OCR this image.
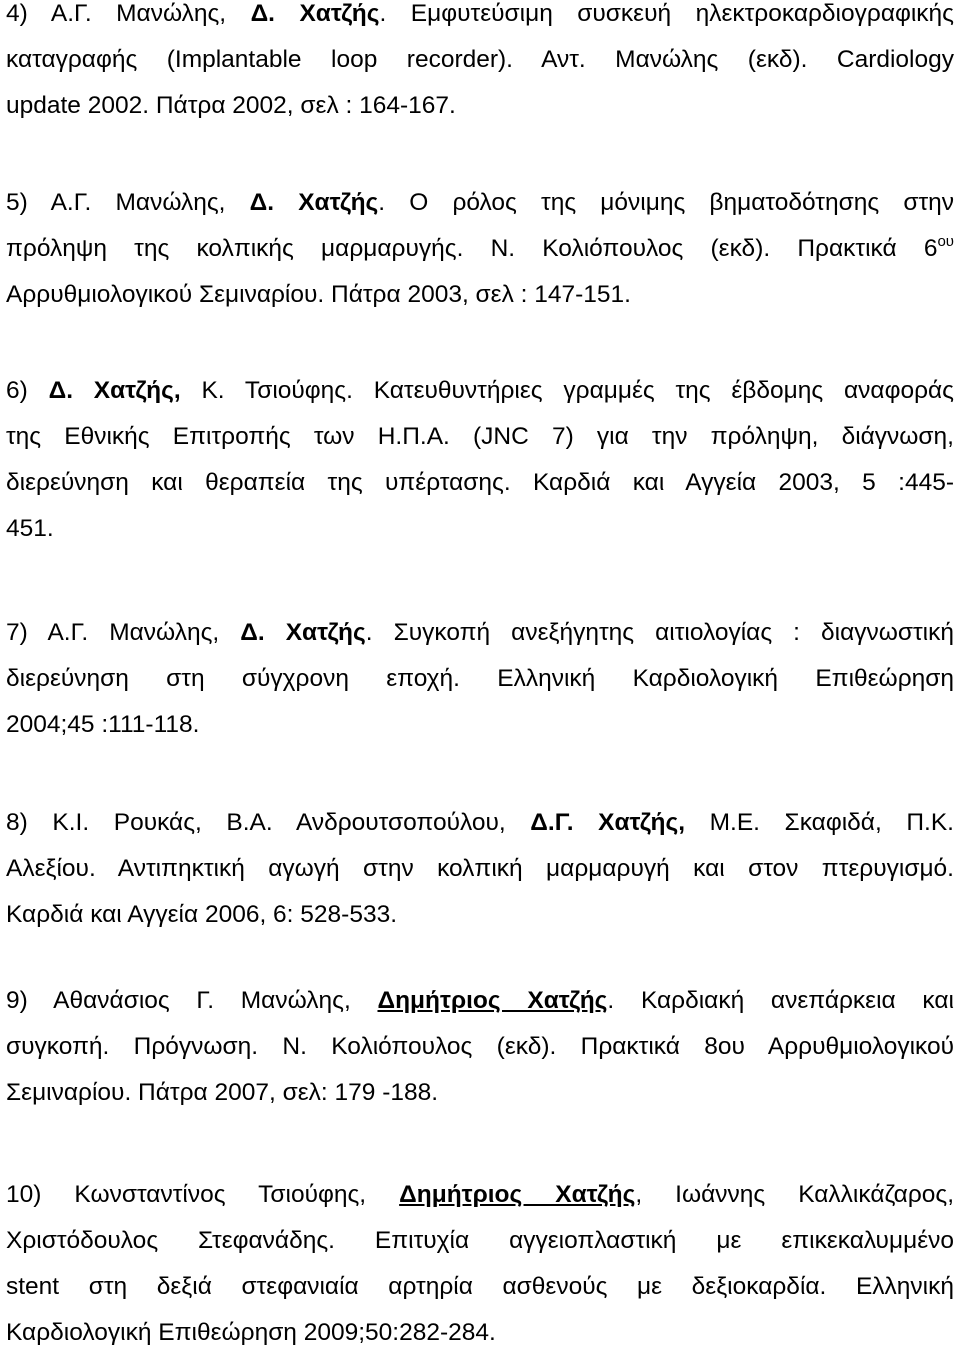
4) Α.Γ. Μανώλης, Δ. Χατζής. Εμφυτεύσιμη συσκευή ηλεκτροκαρδιογραφικής
καταγραφής (Implantable loop recorder). Αντ. Μανώλης (εκδ). Cardiology
update 2002. Πάτρα 2002, σελ : 164-167.
5) Α.Γ. Μανώλης, Δ. Χατζής. Ο ρόλος της μόνιμης βηματοδότησης στην
πρόληψη της κολπικής μαρμαρυγής. Ν. Κολιόπουλος (εκδ). Πρακτικά $6^{o\upsilon}$
Αρρυθμιολογικού Σεμιναρίου. Πάτρα 2003, σελ : 147-151.
6) Δ. Χατζής, Κ. Τσιούφης. Κατευθυντήριες γραμμές της έβδομης αναφοράς
της Εθνικής Επιτροπής των Η.Π.Α. (JNC 7) για την πρόληψη, διάγνωση,
διερεύνηση και θεραπεία της υπέρτασης. Καρδιά και Αγγεία 2003, 5 :445-
451.
7) Α.Γ. Μανώλης, Δ. Χατζής. Συγκοπή ανεξήγητης αιτιολογίας : διαγνωστική
διερεύνηση στη σύγχρονη εποχή. Ελληνική Καρδιολογική Επιθεώρηση
2004;45 :111-118.
8) Κ.Ι. Ρουκάς, Β.Α. Ανδρουτσοπούλου, Δ.Γ. Χατζής, Μ.Ε. Σκαφιδά, Π.Κ.
Αλεξίου. Αντιπηκτική αγωγή στην κολπική μαρμαρυγή και στον πτερυγισμό.
Καρδιά και Αγγεία 2006, 6: 528-533.
9) Αθανάσιος Γ. Μανώλης, Δημήτριος Χατζής. Καρδιακή ανεπάρκεια και
συγκοπή. Πρόγνωση. Ν. Κολιόπουλος (εκδ). Πρακτικά 8ου Αρρυθμιολογικού
Σεμιναρίου. Πάτρα 2007, σελ: 179 -188.
10) Κωνσταντίνος Τσιούφης, Δημήτριος Χατζής, Ιωάννης Καλλικάζαρος,
Χριστόδουλος Στεφανάδης. Επιτυχία αγγειοπλαστική με επικεκαλυμμένο
stent στη δεξιά στεφανιαία αρτηρία ασθενούς με δεξιοκαρδία. Ελληνική
Καρδιολογική Επιθεώρηση 2009;50:282-284.
